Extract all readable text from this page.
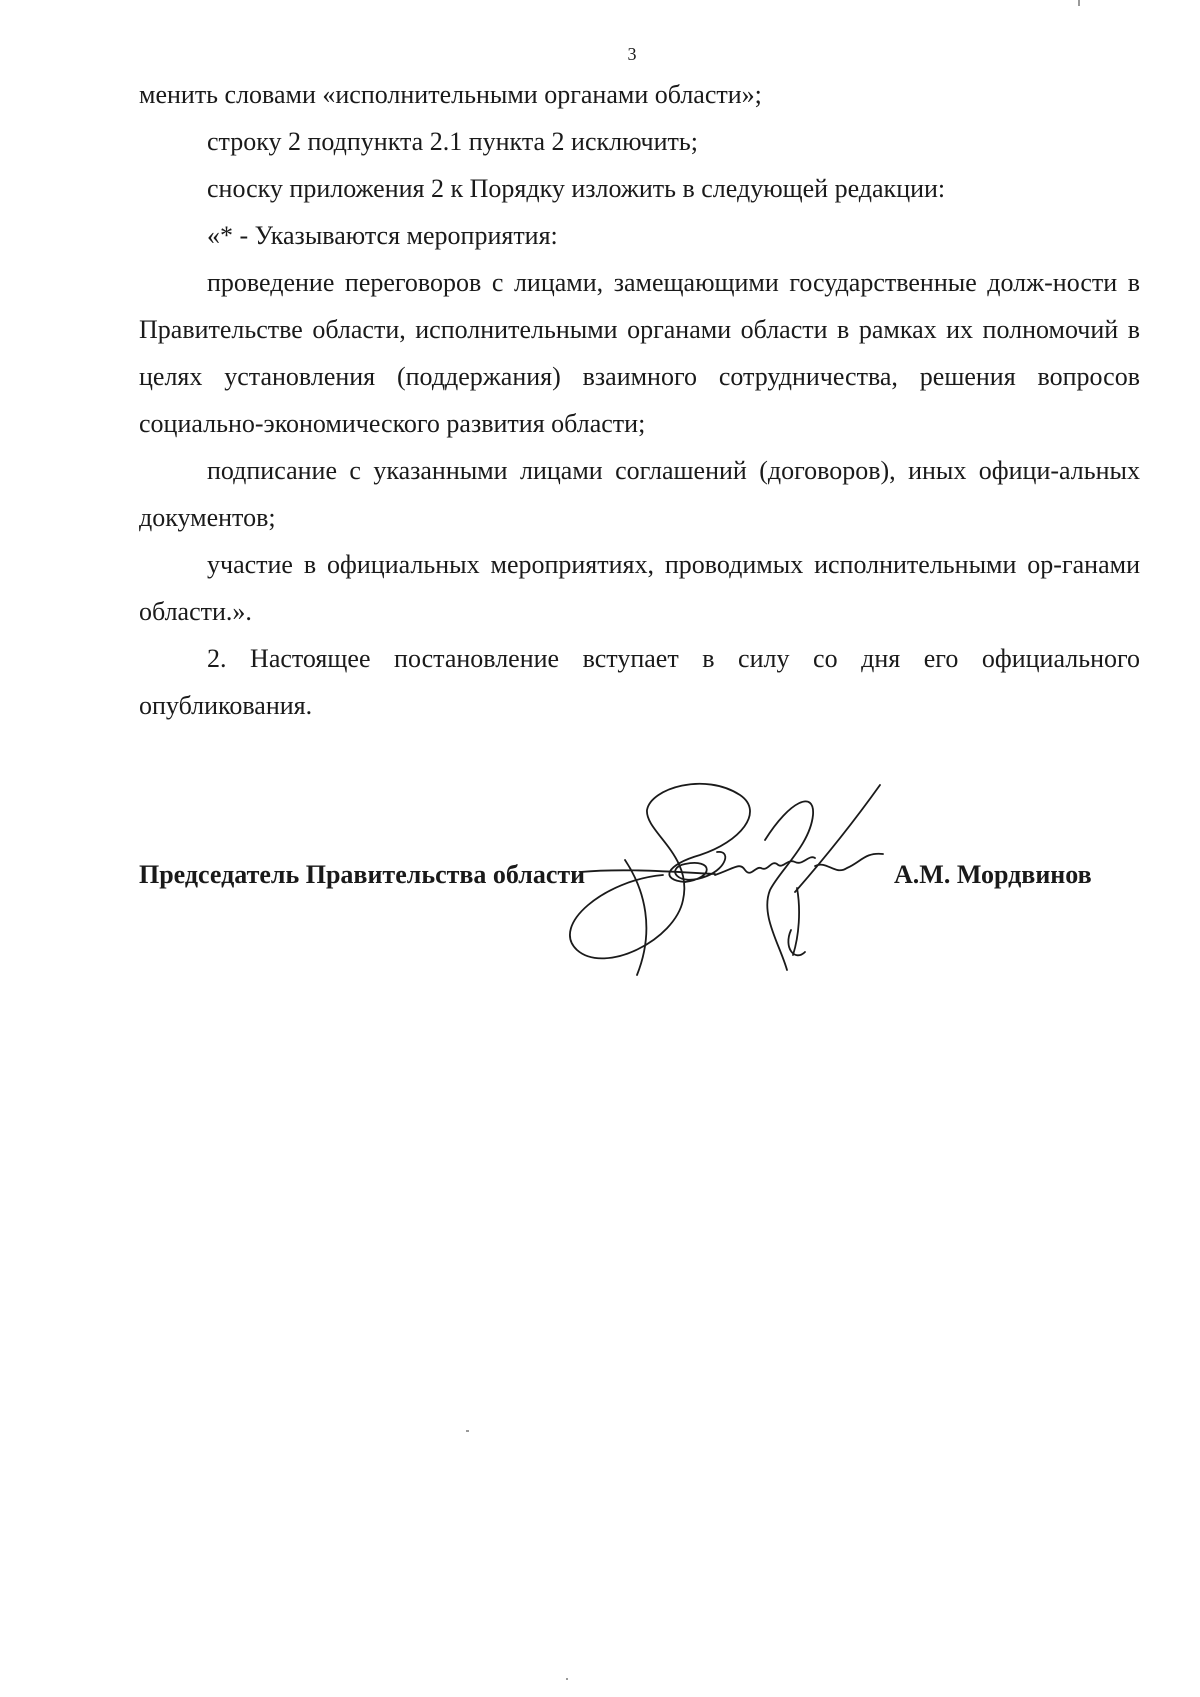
3

менить словами «исполнительными органами области»;

строку 2 подпункта 2.1 пункта 2 исключить;

сноску приложения 2 к Порядку изложить в следующей редакции:

«* - Указываются мероприятия:

проведение переговоров с лицами, замещающими государственные долж-ности в Правительстве области, исполнительными органами области в рамках их полномочий в целях установления (поддержания) взаимного сотрудничества, решения вопросов социально-экономического развития области;

подписание с указанными лицами соглашений (договоров), иных офици-альных документов;

участие в официальных мероприятиях, проводимых исполнительными ор-ганами области.».

2. Настоящее постановление вступает в силу со дня его официального опубликования.

Председатель Правительства области	А.М. Мордвинов
